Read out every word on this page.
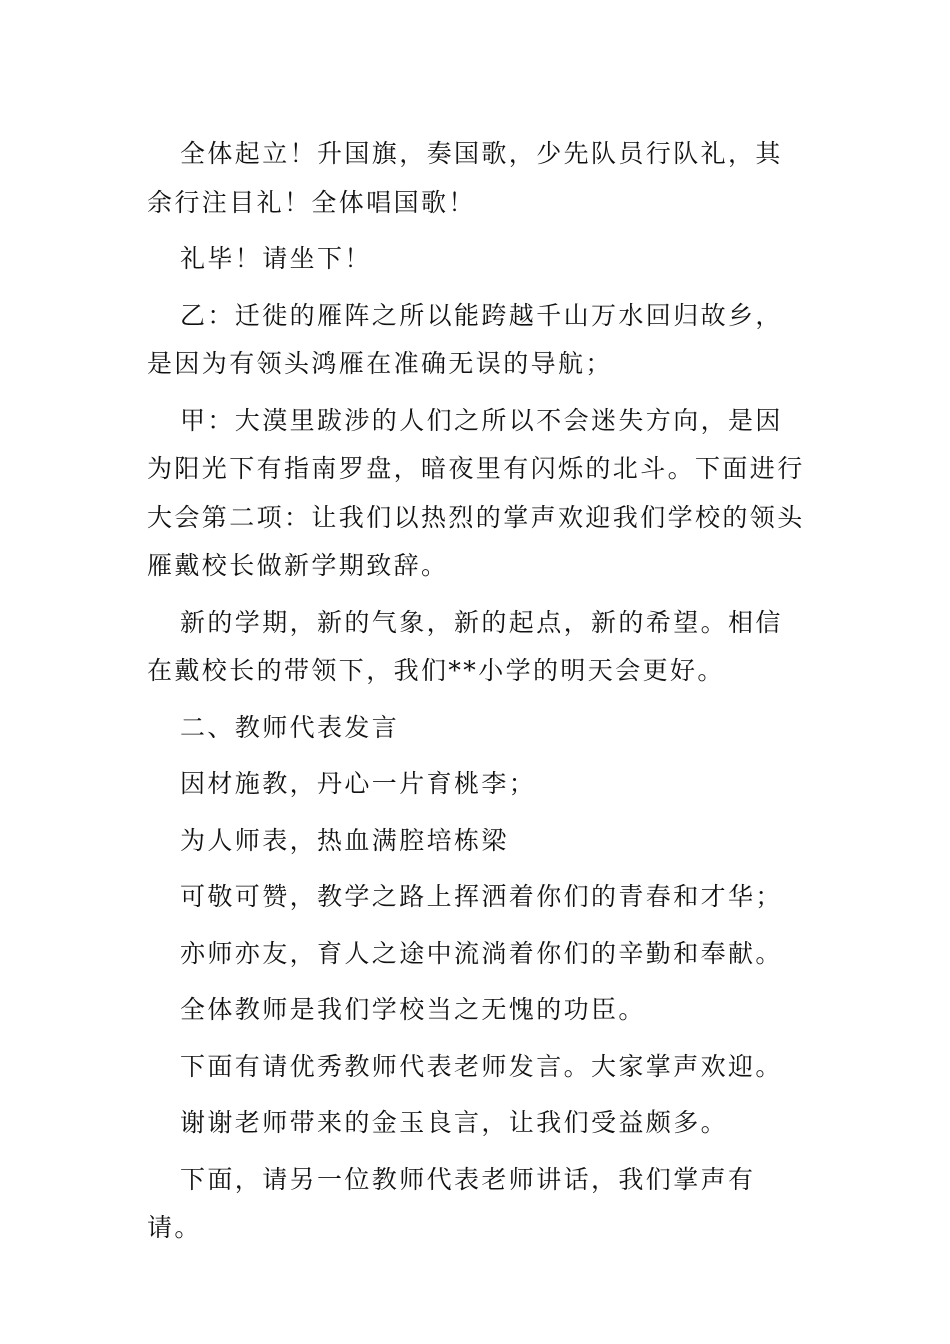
全体起立！升国旗，奏国歌，少先队员行队礼，其余行注目礼！全体唱国歌！

礼毕！请坐下！

乙：迁徙的雁阵之所以能跨越千山万水回归故乡，是因为有领头鸿雁在准确无误的导航；

甲：大漠里跋涉的人们之所以不会迷失方向，是因为阳光下有指南罗盘，暗夜里有闪烁的北斗。下面进行大会第二项：让我们以热烈的掌声欢迎我们学校的领头雁戴校长做新学期致辞。

新的学期，新的气象，新的起点，新的希望。相信在戴校长的带领下，我们**小学的明天会更好。

二、教师代表发言

因材施教，丹心一片育桃李；

为人师表，热血满腔培栋梁

可敬可赞，教学之路上挥洒着你们的青春和才华；

亦师亦友，育人之途中流淌着你们的辛勤和奉献。

全体教师是我们学校当之无愧的功臣。

下面有请优秀教师代表老师发言。大家掌声欢迎。

谢谢老师带来的金玉良言，让我们受益颇多。

下面，请另一位教师代表老师讲话，我们掌声有请。
